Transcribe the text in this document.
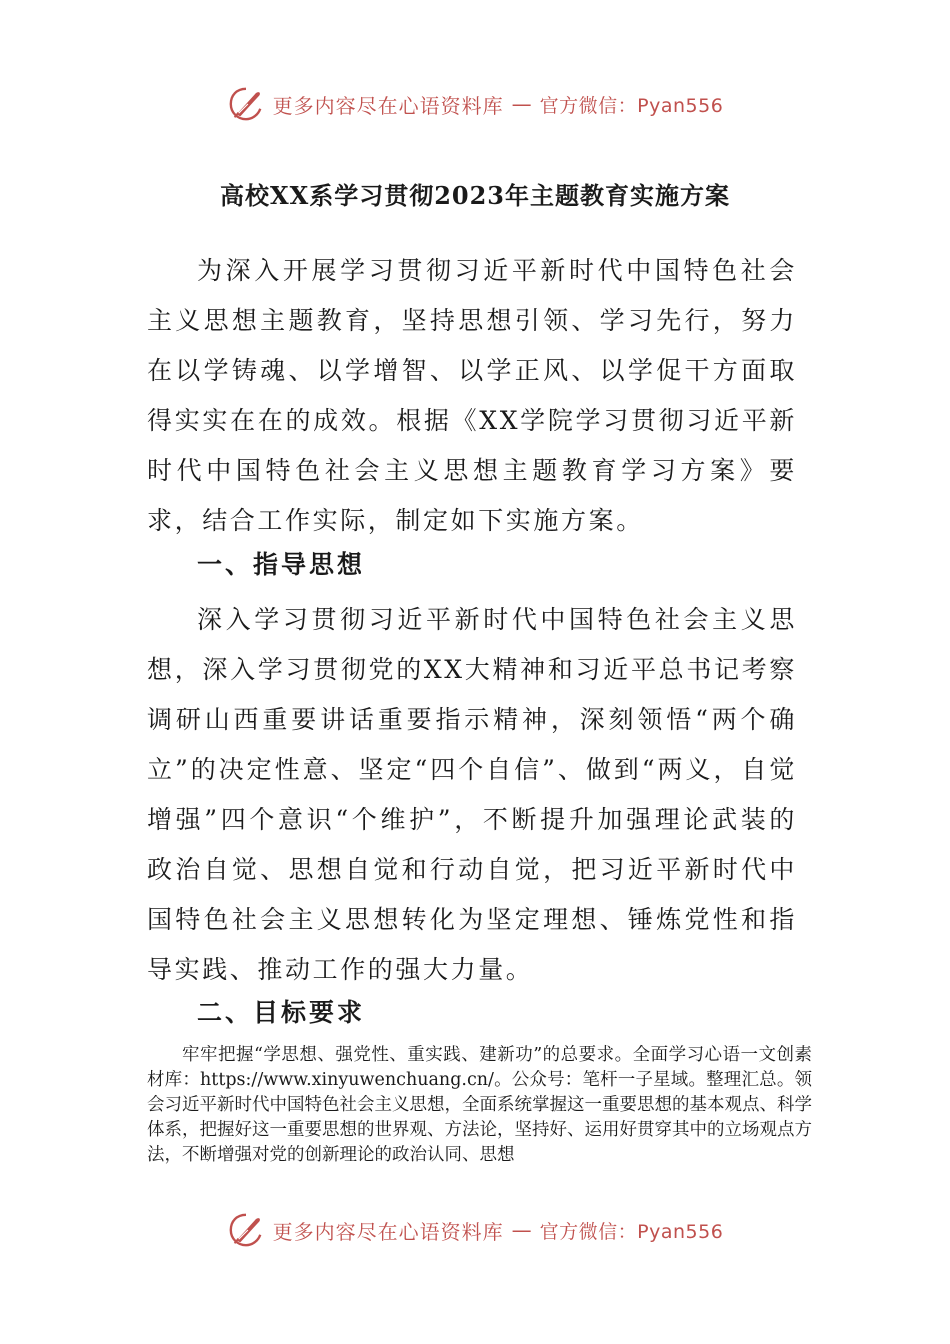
更多内容尽在心语资料库 — 官方微信：Pyan556
高校XX系学习贯彻2023年主题教育实施方案

为深入开展学习贯彻习近平新时代中国特色社会主义思想主题教育，坚持思想引领、学习先行，努力在以学铸魂、以学增智、以学正风、以学促干方面取得实实在在的成效。根据《XX学院学习贯彻习近平新时代中国特色社会主义思想主题教育学习方案》要求，结合工作实际，制定如下实施方案。

一、指导思想

深入学习贯彻习近平新时代中国特色社会主义思想，深入学习贯彻党的XX大精神和习近平总书记考察调研山西重要讲话重要指示精神，深刻领悟“两个确立”的决定性意、坚定“四个自信”、做到“两义，自觉增强”四个意识“个维护”，不断提升加强理论武装的政治自觉、思想自觉和行动自觉，把习近平新时代中国特色社会主义思想转化为坚定理想、锤炼党性和指导实践、推动工作的强大力量。

二、目标要求

牢牢把握“学思想、强党性、重实践、建新功”的总要求。全面学习心语一文创素材库：https://www.xinyuwenchuang.cn/。公众号：笔杆一子星域。整理汇总。领会习近平新时代中国特色社会主义思想，全面系统掌握这一重要思想的基本观点、科学体系，把握好这一重要思想的世界观、方法论，坚持好、运用好贯穿其中的立场观点方法，不断增强对党的创新理论的政治认同、思想

更多内容尽在心语资料库 — 官方微信：Pyan556
